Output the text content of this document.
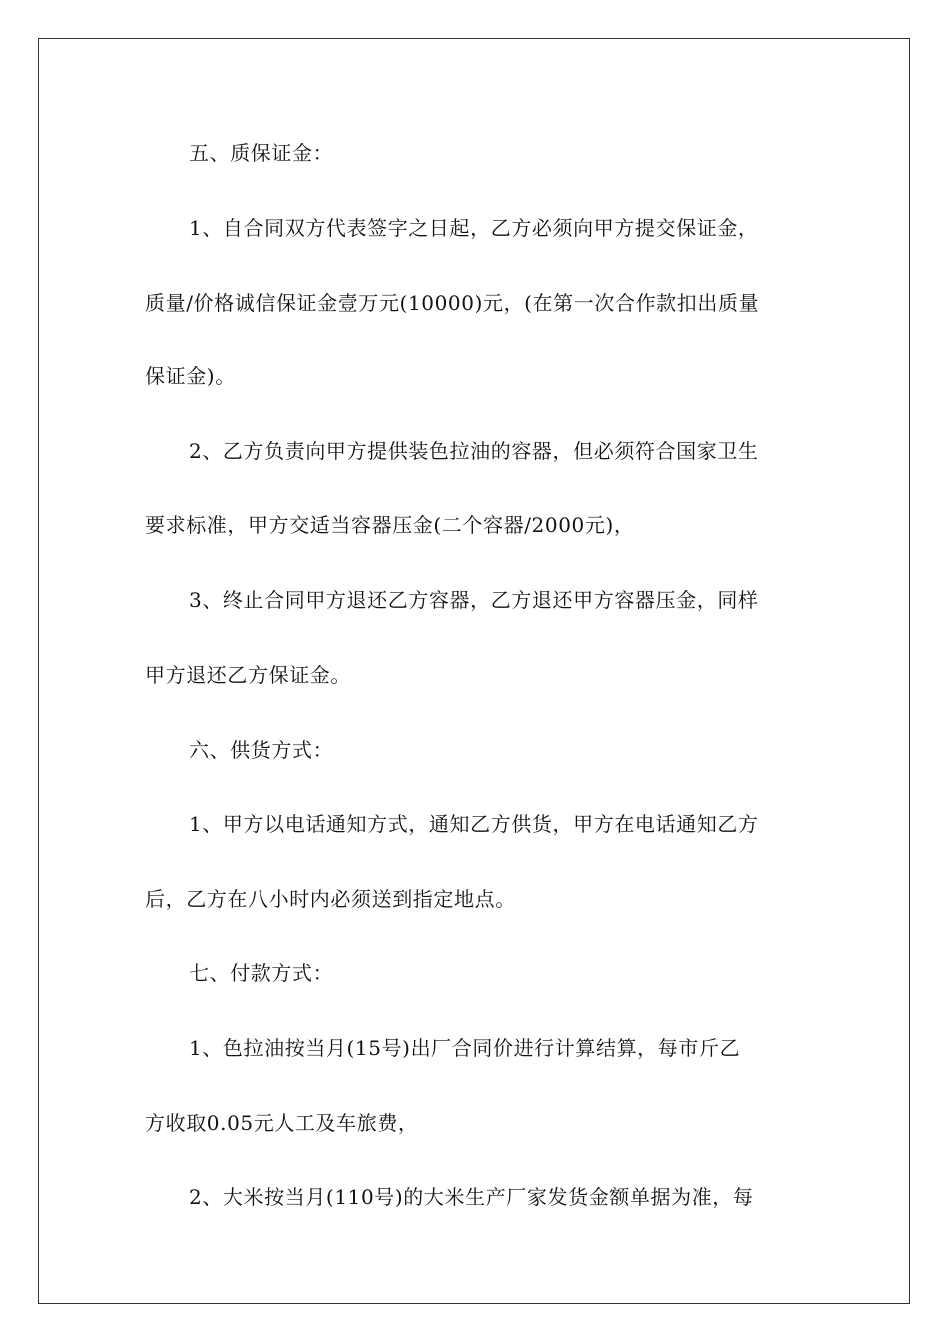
五、质保证金：
1、自合同双方代表签字之日起，乙方必须向甲方提交保证金，
质量/价格诚信保证金壹万元(10000)元，(在第一次合作款扣出质量
保证金)。
2、乙方负责向甲方提供装色拉油的容器，但必须符合国家卫生
要求标准，甲方交适当容器压金(二个容器/2000元)，
3、终止合同甲方退还乙方容器，乙方退还甲方容器压金，同样
甲方退还乙方保证金。
六、供货方式：
1、甲方以电话通知方式，通知乙方供货，甲方在电话通知乙方
后，乙方在八小时内必须送到指定地点。
七、付款方式：
1、色拉油按当月(15号)出厂合同价进行计算结算，每市斤乙
方收取0.05元人工及车旅费，
2、大米按当月(110号)的大米生产厂家发货金额单据为准，每
